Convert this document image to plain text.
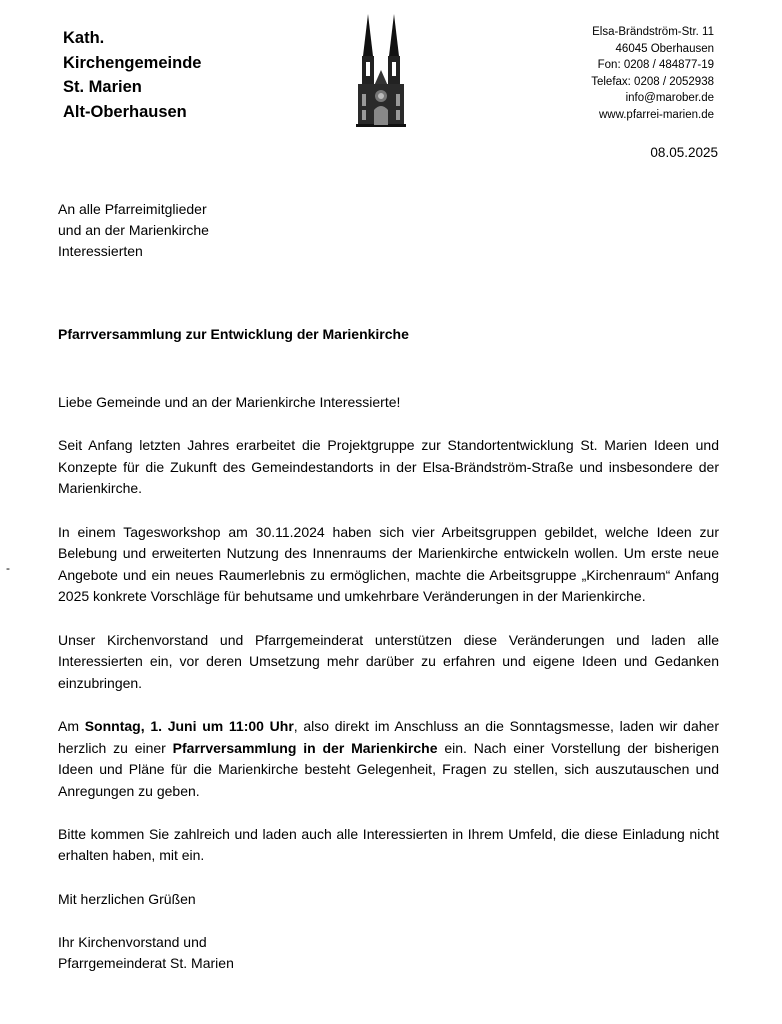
Kath.
Kirchengemeinde
St. Marien
Alt-Oberhausen
Elsa-Brändström-Str. 11
46045 Oberhausen
Fon: 0208 / 484877-19
Telefax: 0208 / 2052938
info@marober.de
www.pfarrei-marien.de
08.05.2025
An alle Pfarreimitglieder
und an der Marienkirche
Interessierten
Pfarrversammlung zur Entwicklung der Marienkirche
-

Liebe Gemeinde und an der Marienkirche Interessierte!

Seit Anfang letzten Jahres erarbeitet die Projektgruppe zur Standortentwicklung St. Marien Ideen und Konzepte für die Zukunft des Gemeindestandorts in der Elsa-Brändström-Straße und insbesondere der Marienkirche.

In einem Tagesworkshop am 30.11.2024 haben sich vier Arbeitsgruppen gebildet, welche Ideen zur Belebung und erweiterten Nutzung des Innenraums der Marienkirche entwickeln wollen. Um erste neue Angebote und ein neues Raumerlebnis zu ermöglichen, machte die Arbeitsgruppe „Kirchenraum“ Anfang 2025 konkrete Vorschläge für behutsame und umkehrbare Veränderungen in der Marienkirche.

Unser Kirchenvorstand und Pfarrgemeinderat unterstützen diese Veränderungen und laden alle Interessierten ein, vor deren Umsetzung mehr darüber zu erfahren und eigene Ideen und Gedanken einzubringen.

Am Sonntag, 1. Juni um 11:00 Uhr, also direkt im Anschluss an die Sonntagsmesse, laden wir daher herzlich zu einer Pfarrversammlung in der Marienkirche ein. Nach einer Vorstellung der bisherigen Ideen und Pläne für die Marienkirche besteht Gelegenheit, Fragen zu stellen, sich auszutauschen und Anregungen zu geben.

Bitte kommen Sie zahlreich und laden auch alle Interessierten in Ihrem Umfeld, die diese Einladung nicht erhalten haben, mit ein.

Mit herzlichen Grüßen

Ihr Kirchenvorstand und
Pfarrgemeinderat St. Marien
